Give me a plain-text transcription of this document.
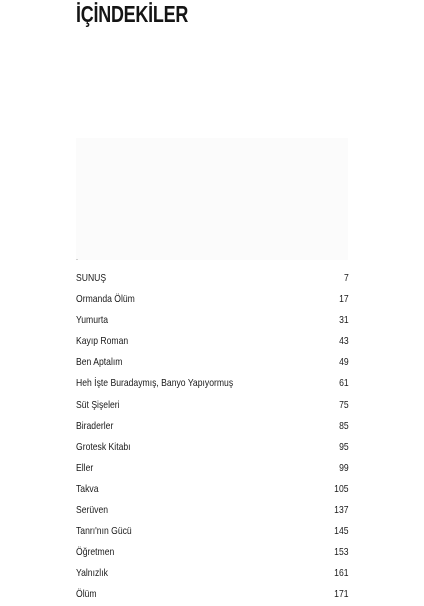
İÇİNDEKİLER
SUNUŞ	7
Ormanda Ölüm	17
Yumurta	31
Kayıp Roman	43
Ben Aptalım	49
Heh İşte Buradaymış, Banyo Yapıyormuş	61
Süt Şişeleri	75
Biraderler	85
Grotesk Kitabı	95
Eller	99
Takva	105
Serüven	137
Tanrı'nın Gücü	145
Öğretmen	153
Yalnızlık	161
Ölüm	171
